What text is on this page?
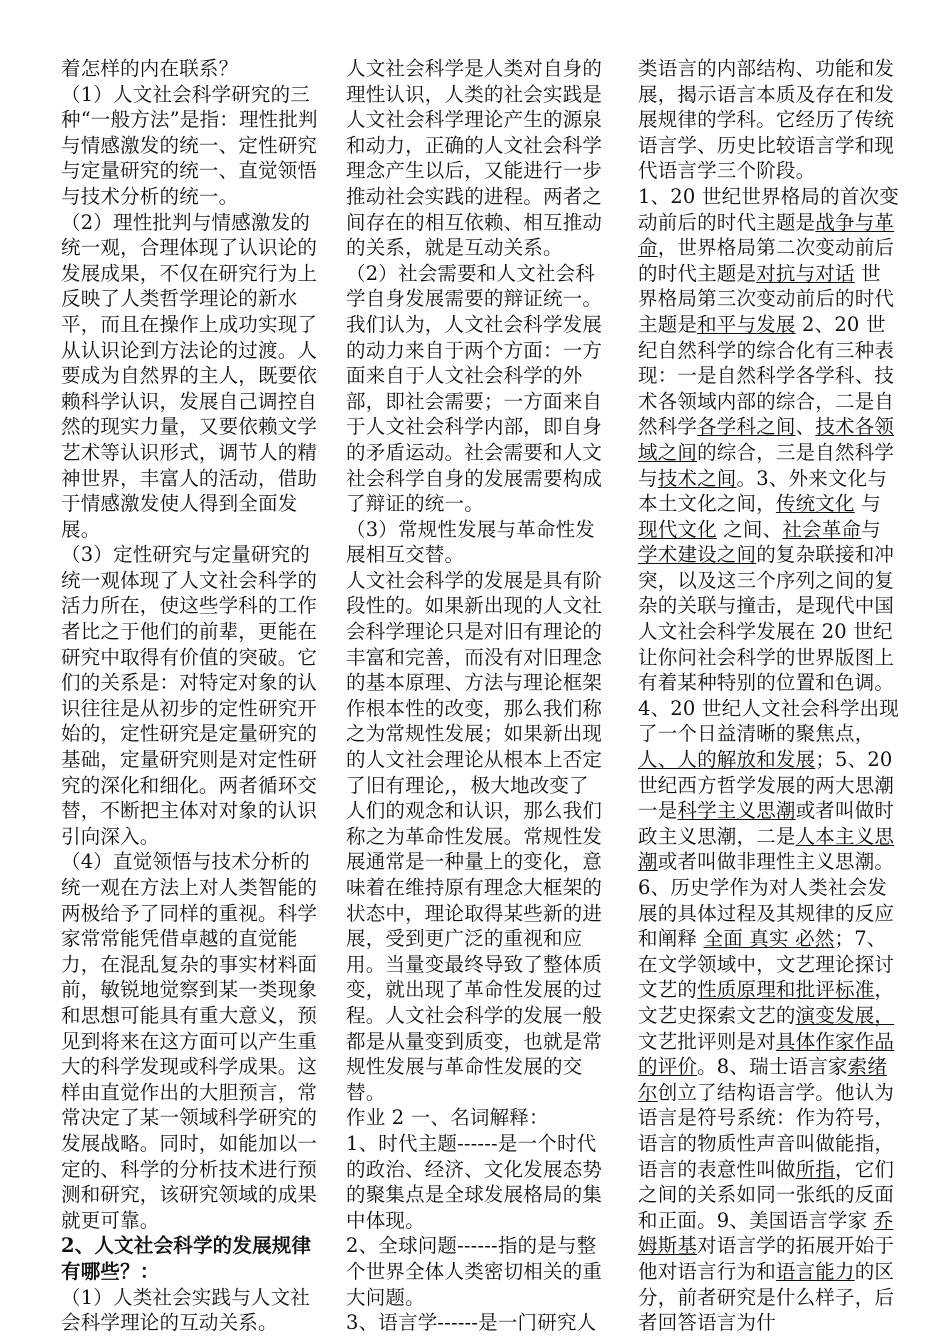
着怎样的内在联系？

（1）人文社会科学研究的三种“一般方法”是指：理性批判与情感激发的统一、定性研究与定量研究的统一、直觉领悟与技术分析的统一。

（2）理性批判与情感激发的统一观，合理体现了认识论的发展成果，不仅在研究行为上反映了人类哲学理论的新水平，而且在操作上成功实现了从认识论到方法论的过渡。人要成为自然界的主人，既要依赖科学认识，发展自己调控自然的现实力量，又要依赖文学艺术等认识形式，调节人的精神世界，丰富人的活动，借助于情感激发使人得到全面发展。

（3）定性研究与定量研究的统一观体现了人文社会科学的活力所在，使这些学科的工作者比之于他们的前辈，更能在研究中取得有价值的突破。它们的关系是：对特定对象的认识往往是从初步的定性研究开始的，定性研究是定量研究的基础，定量研究则是对定性研究的深化和细化。两者循环交替，不断把主体对对象的认识引向深入。

（4）直觉领悟与技术分析的统一观在方法上对人类智能的两极给予了同样的重视。科学家常常能凭借卓越的直觉能力，在混乱复杂的事实材料面前，敏锐地觉察到某一类现象和思想可能具有重大意义，预见到将来在这方面可以产生重大的科学发现或科学成果。这样由直觉作出的大胆预言，常常决定了某一领域科学研究的发展战略。同时，如能加以一定的、科学的分析技术进行预测和研究，该研究领域的成果就更可靠。

2、人文社会科学的发展规律有哪些？：

（1）人类社会实践与人文社会科学理论的互动关系。

人文社会科学是人类对自身的理性认识，人类的社会实践是人文社会科学理论产生的源泉和动力，正确的人文社会科学理念产生以后，又能进行一步推动社会实践的进程。两者之间存在的相互依赖、相互推动的关系，就是互动关系。

（2）社会需要和人文社会科学自身发展需要的辩证统一。

我们认为，人文社会科学发展的动力来自于两个方面：一方面来自于人文社会科学的外部，即社会需要；一方面来自于人文社会科学内部，即自身的矛盾运动。社会需要和人文社会科学自身的发展需要构成了辩证的统一。

（3）常规性发展与革命性发展相互交替。

人文社会科学的发展是具有阶段性的。如果新出现的人文社会科学理论只是对旧有理论的丰富和完善，而没有对旧理念的基本原理、方法与理论框架作根本性的改变，那么我们称之为常规性发展；如果新出现的人文社会理论从根本上否定了旧有理论,，极大地改变了人们的观念和认识，那么我们称之为革命性发展。常规性发展通常是一种量上的变化，意味着在维持原有理念大框架的状态中，理论取得某些新的进展，受到更广泛的重视和应用。当量变最终导致了整体质变，就出现了革命性发展的过程。人文社会科学的发展一般都是从量变到质变，也就是常规性发展与革命性发展的交替。

作业 2 一、名词解释：

1、时代主题------是一个时代的政治、经济、文化发展态势的聚集点是全球发展格局的集中体现。

2、全球问题------指的是与整个世界全体人类密切相关的重大问题。

3、语言学------是一门研究人

类语言的内部结构、功能和发展，揭示语言本质及存在和发展规律的学科。它经历了传统语言学、历史比较语言学和现代语言学三个阶段。

1、20 世纪世界格局的首次变动前后的时代主题是战争与革命，世界格局第二次变动前后的时代主题是对抗与对话 世界格局第三次变动前后的时代主题是和平与发展 2、20 世纪自然科学的综合化有三种表现：一是自然科学各学科、技术各领域内部的综合，二是自然科学各学科之间、技术各领域之间的综合，三是自然科学与技术之间。3、外来文化与本土文化之间，传统文化 与现代文化 之间、社会革命与学术建设之间的复杂联接和冲突，以及这三个序列之间的复杂的关联与撞击，是现代中国人文社会科学发展在 20 世纪让你问社会科学的世界版图上有着某种特别的位置和色调。

4、20 世纪人文社会科学出现了一个日益清晰的聚焦点，人、人的解放和发展；5、20 世纪西方哲学发展的两大思潮一是科学主义思潮或者叫做时政主义思潮，二是人本主义思潮或者叫做非理性主义思潮。6、历史学作为对人类社会发展的具体过程及其规律的反应和阐释 全面 真实 必然；7、在文学领域中，文艺理论探讨文艺的性质原理和批评标准，文艺史探索文艺的演变发展，文艺批评则是对具体作家作品的评价。8、瑞士语言家索绪尔创立了结构语言学。他认为语言是符号系统：作为符号，语言的物质性声音叫做能指，语言的表意性叫做所指，它们之间的关系如同一张纸的反面和正面。9、美国语言学家 乔姆斯基对语言学的拓展开始于他对语言行为和语言能力的区分，前者研究是什么样子，后者回答语言为什
